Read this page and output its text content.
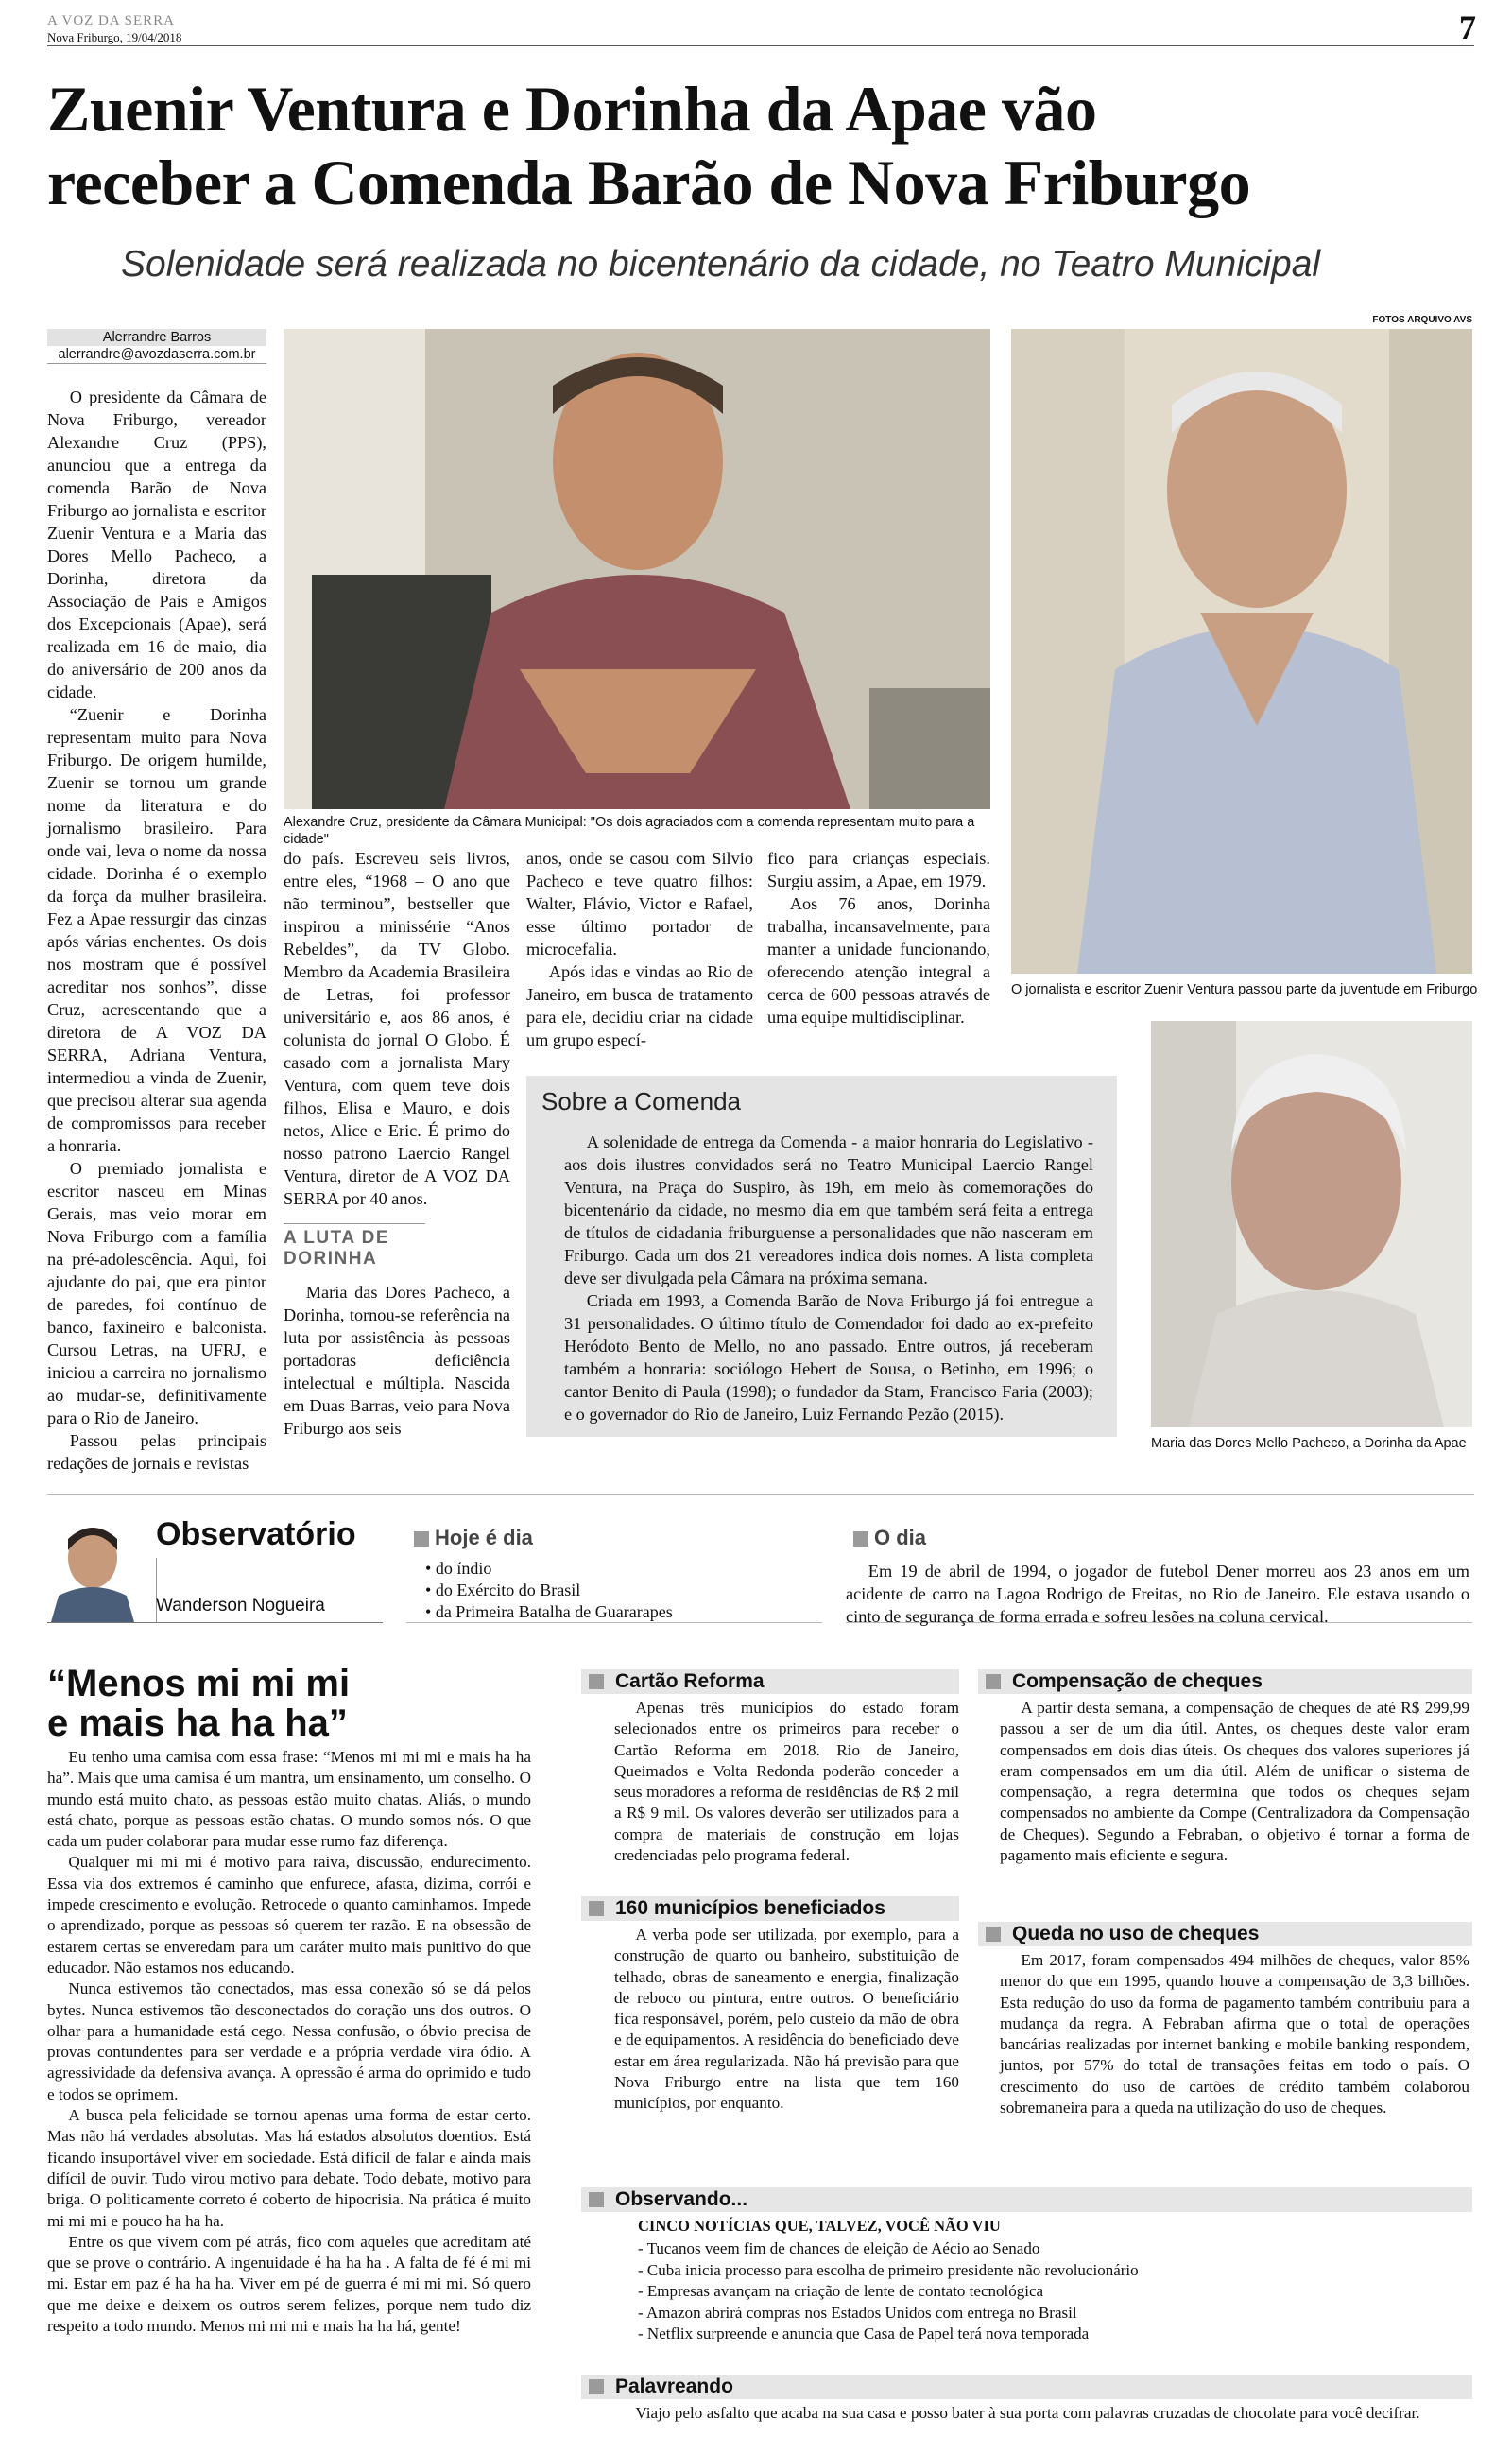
A VOZ DA SERRA
Nova Friburgo, 19/04/2018	7
Zuenir Ventura e Dorinha da Apae vão
receber a Comenda Barão de Nova Friburgo
Solenidade será realizada no bicentenário da cidade, no Teatro Municipal
Alerrandre Barros
alerrandre@avozdaserra.com.br

O presidente da Câmara de Nova Friburgo, vereador Alexandre Cruz (PPS), anunciou que a entrega da comenda Barão de Nova Friburgo ao jornalista e escritor Zuenir Ventura e a Maria das Dores Mello Pacheco, a Dorinha, diretora da Associação de Pais e Amigos dos Excepcionais (Apae), será realizada em 16 de maio, dia do aniversário de 200 anos da cidade.

“Zuenir e Dorinha representam muito para Nova Friburgo. De origem humilde, Zuenir se tornou um grande nome da literatura e do jornalismo brasileiro. Para onde vai, leva o nome da nossa cidade. Dorinha é o exemplo da força da mulher brasileira. Fez a Apae ressurgir das cinzas após várias enchentes. Os dois nos mostram que é possível acreditar nos sonhos”, disse Cruz, acrescentando que a diretora de A VOZ DA SERRA, Adriana Ventura, intermediou a vinda de Zuenir, que precisou alterar sua agenda de compromissos para receber a honraria.

O premiado jornalista e escritor nasceu em Minas Gerais, mas veio morar em Nova Friburgo com a família na pré-adolescência. Aqui, foi ajudante do pai, que era pintor de paredes, foi contínuo de banco, faxineiro e balconista. Cursou Letras, na UFRJ, e iniciou a carreira no jornalismo ao mudar-se, definitivamente para o Rio de Janeiro.

Passou pelas principais redações de jornais e revistas

Alexandre Cruz, presidente da Câmara Municipal: "Os dois agraciados com a comenda representam muito para a cidade"
FOTOS ARQUIVO AVS
O jornalista e escritor Zuenir Ventura passou parte da juventude em Friburgo
Maria das Dores Mello Pacheco, a Dorinha da Apae

do país. Escreveu seis livros, entre eles, “1968 – O ano que não terminou”, bestseller que inspirou a minissérie “Anos Rebeldes”, da TV Globo. Membro da Academia Brasileira de Letras, foi professor universitário e, aos 86 anos, é colunista do jornal O Globo. É casado com a jornalista Mary Ventura, com quem teve dois filhos, Elisa e Mauro, e dois netos, Alice e Eric. É primo do nosso patrono Laercio Rangel Ventura, diretor de A VOZ DA SERRA por 40 anos.

A LUTA DE DORINHA

Maria das Dores Pacheco, a Dorinha, tornou-se referência na luta por assistência às pessoas portadoras deficiência intelectual e múltipla. Nascida em Duas Barras, veio para Nova Friburgo aos seis

anos, onde se casou com Silvio Pacheco e teve quatro filhos: Walter, Flávio, Victor e Rafael, esse último portador de microcefalia.

Após idas e vindas ao Rio de Janeiro, em busca de tratamento para ele, decidiu criar na cidade um grupo especí-

fico para crianças especiais. Surgiu assim, a Apae, em 1979.

Aos 76 anos, Dorinha trabalha, incansavelmente, para manter a unidade funcionando, oferecendo atenção integral a cerca de 600 pessoas através de uma equipe multidisciplinar.

Sobre a Comenda

A solenidade de entrega da Comenda - a maior honraria do Legislativo - aos dois ilustres convidados será no Teatro Municipal Laercio Rangel Ventura, na Praça do Suspiro, às 19h, em meio às comemorações do bicentenário da cidade, no mesmo dia em que também será feita a entrega de títulos de cidadania friburguense a personalidades que não nasceram em Friburgo. Cada um dos 21 vereadores indica dois nomes. A lista completa deve ser divulgada pela Câmara na próxima semana.

Criada em 1993, a Comenda Barão de Nova Friburgo já foi entregue a 31 personalidades. O último título de Comendador foi dado ao ex-prefeito Heródoto Bento de Mello, no ano passado. Entre outros, já receberam também a honraria: sociólogo Hebert de Sousa, o Betinho, em 1996; o cantor Benito di Paula (1998); o fundador da Stam, Francisco Faria (2003); e o governador do Rio de Janeiro, Luiz Fernando Pezão (2015).

Observatório
Wanderson Nogueira
Hoje é dia
• do índio
• do Exército do Brasil
• da Primeira Batalha de Guararapes
O dia
Em 19 de abril de 1994, o jogador de futebol Dener morreu aos 23 anos em um acidente de carro na Lagoa Rodrigo de Freitas, no Rio de Janeiro. Ele estava usando o cinto de segurança de forma errada e sofreu lesões na coluna cervical.
“Menos mi mi mi
e mais ha ha ha”

Eu tenho uma camisa com essa frase: “Menos mi mi mi e mais ha ha ha”. Mais que uma camisa é um mantra, um ensinamento, um conselho. O mundo está muito chato, as pessoas estão muito chatas. Aliás, o mundo está chato, porque as pessoas estão chatas. O mundo somos nós. O que cada um puder colaborar para mudar esse rumo faz diferença.

Qualquer mi mi mi é motivo para raiva, discussão, endurecimento. Essa via dos extremos é caminho que enfurece, afasta, dizima, corrói e impede crescimento e evolução. Retrocede o quanto caminhamos. Impede o aprendizado, porque as pessoas só querem ter razão. E na obsessão de estarem certas se enveredam para um caráter muito mais punitivo do que educador. Não estamos nos educando.

Nunca estivemos tão conectados, mas essa conexão só se dá pelos bytes. Nunca estivemos tão desconectados do coração uns dos outros. O olhar para a humanidade está cego. Nessa confusão, o óbvio precisa de provas contundentes para ser verdade e a própria verdade vira ódio. A agressividade da defensiva avança. A opressão é arma do oprimido e tudo e todos se oprimem.

A busca pela felicidade se tornou apenas uma forma de estar certo. Mas não há verdades absolutas. Mas há estados absolutos doentios. Está ficando insuportável viver em sociedade. Está difícil de falar e ainda mais difícil de ouvir. Tudo virou motivo para debate. Todo debate, motivo para briga. O politicamente correto é coberto de hipocrisia. Na prática é muito mi mi mi e pouco ha ha ha.

Entre os que vivem com pé atrás, fico com aqueles que acreditam até que se prove o contrário. A ingenuidade é ha ha ha . A falta de fé é mi mi mi. Estar em paz é ha ha ha. Viver em pé de guerra é mi mi mi. Só quero que me deixe e deixem os outros serem felizes, porque nem tudo diz respeito a todo mundo. Menos mi mi mi e mais ha ha há, gente!

Cartão Reforma
Apenas três municípios do estado foram selecionados entre os primeiros para receber o Cartão Reforma em 2018. Rio de Janeiro, Queimados e Volta Redonda poderão conceder a seus moradores a reforma de residências de R$ 2 mil a R$ 9 mil. Os valores deverão ser utilizados para a compra de materiais de construção em lojas credenciadas pelo programa federal.
160 municípios beneficiados
A verba pode ser utilizada, por exemplo, para a construção de quarto ou banheiro, substituição de telhado, obras de saneamento e energia, finalização de reboco ou pintura, entre outros. O beneficiário fica responsável, porém, pelo custeio da mão de obra e de equipamentos. A residência do beneficiado deve estar em área regularizada. Não há previsão para que Nova Friburgo entre na lista que tem 160 municípios, por enquanto.
Compensação de cheques
A partir desta semana, a compensação de cheques de até R$ 299,99 passou a ser de um dia útil. Antes, os cheques deste valor eram compensados em dois dias úteis. Os cheques dos valores superiores já eram compensados em um dia útil. Além de unificar o sistema de compensação, a regra determina que todos os cheques sejam compensados no ambiente da Compe (Centralizadora da Compensação de Cheques). Segundo a Febraban, o objetivo é tornar a forma de pagamento mais eficiente e segura.
Queda no uso de cheques
Em 2017, foram compensados 494 milhões de cheques, valor 85% menor do que em 1995, quando houve a compensação de 3,3 bilhões. Esta redução do uso da forma de pagamento também contribuiu para a mudança da regra. A Febraban afirma que o total de operações bancárias realizadas por internet banking e mobile banking respondem, juntos, por 57% do total de transações feitas em todo o país. O crescimento do uso de cartões de crédito também colaborou sobremaneira para a queda na utilização do uso de cheques.
Observando...
CINCO NOTÍCIAS QUE, TALVEZ, VOCÊ NÃO VIU
- Tucanos veem fim de chances de eleição de Aécio ao Senado
- Cuba inicia processo para escolha de primeiro presidente não revolucionário
- Empresas avançam na criação de lente de contato tecnológica
- Amazon abrirá compras nos Estados Unidos com entrega no Brasil
- Netflix surpreende e anuncia que Casa de Papel terá nova temporada
Palavreando
Viajo pelo asfalto que acaba na sua casa e posso bater à sua porta com palavras cruzadas de chocolate para você decifrar.
